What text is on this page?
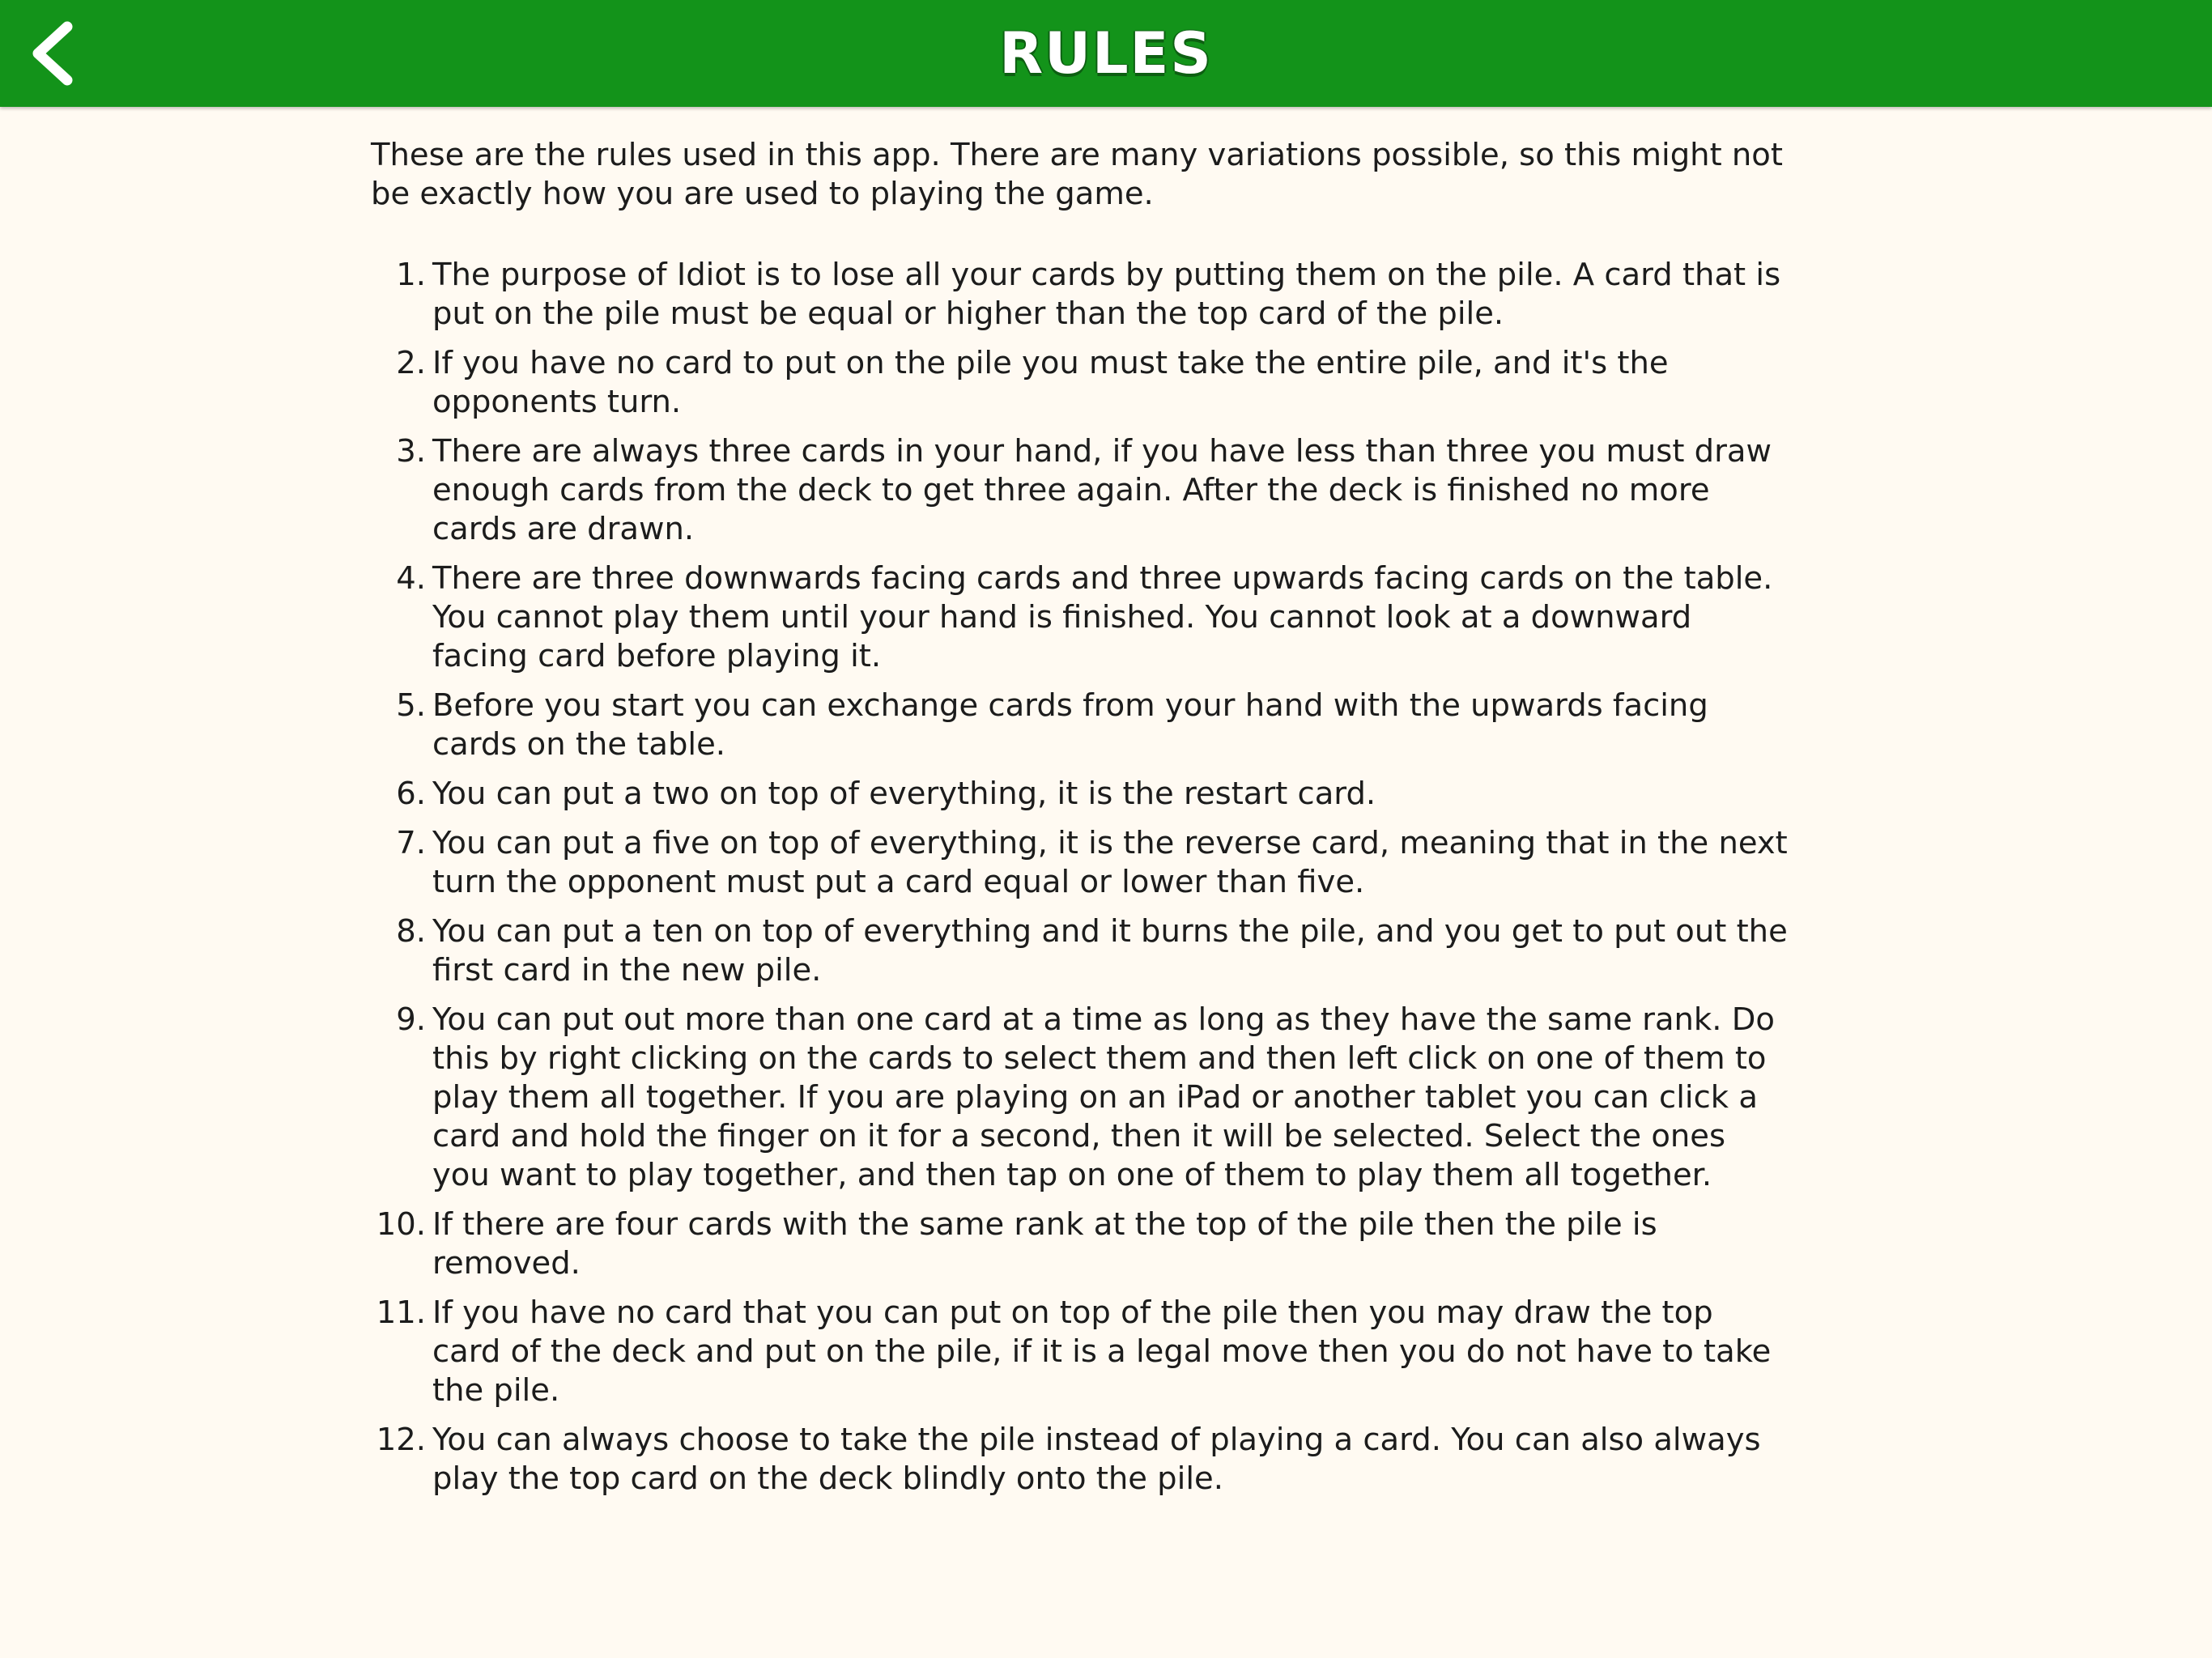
RULES

These are the rules used in this app. There are many variations possible, so this might not be exactly how you are used to playing the game.

1. The purpose of Idiot is to lose all your cards by putting them on the pile. A card that is put on the pile must be equal or higher than the top card of the pile.
2. If you have no card to put on the pile you must take the entire pile, and it's the opponents turn.
3. There are always three cards in your hand, if you have less than three you must draw enough cards from the deck to get three again. After the deck is finished no more cards are drawn.
4. There are three downwards facing cards and three upwards facing cards on the table. You cannot play them until your hand is finished. You cannot look at a downward facing card before playing it.
5. Before you start you can exchange cards from your hand with the upwards facing cards on the table.
6. You can put a two on top of everything, it is the restart card.
7. You can put a five on top of everything, it is the reverse card, meaning that in the next turn the opponent must put a card equal or lower than five.
8. You can put a ten on top of everything and it burns the pile, and you get to put out the first card in the new pile.
9. You can put out more than one card at a time as long as they have the same rank. Do this by right clicking on the cards to select them and then left click on one of them to play them all together. If you are playing on an iPad or another tablet you can click a card and hold the finger on it for a second, then it will be selected. Select the ones you want to play together, and then tap on one of them to play them all together.
10. If there are four cards with the same rank at the top of the pile then the pile is removed.
11. If you have no card that you can put on top of the pile then you may draw the top card of the deck and put on the pile, if it is a legal move then you do not have to take the pile.
12. You can always choose to take the pile instead of playing a card. You can also always play the top card on the deck blindly onto the pile.
